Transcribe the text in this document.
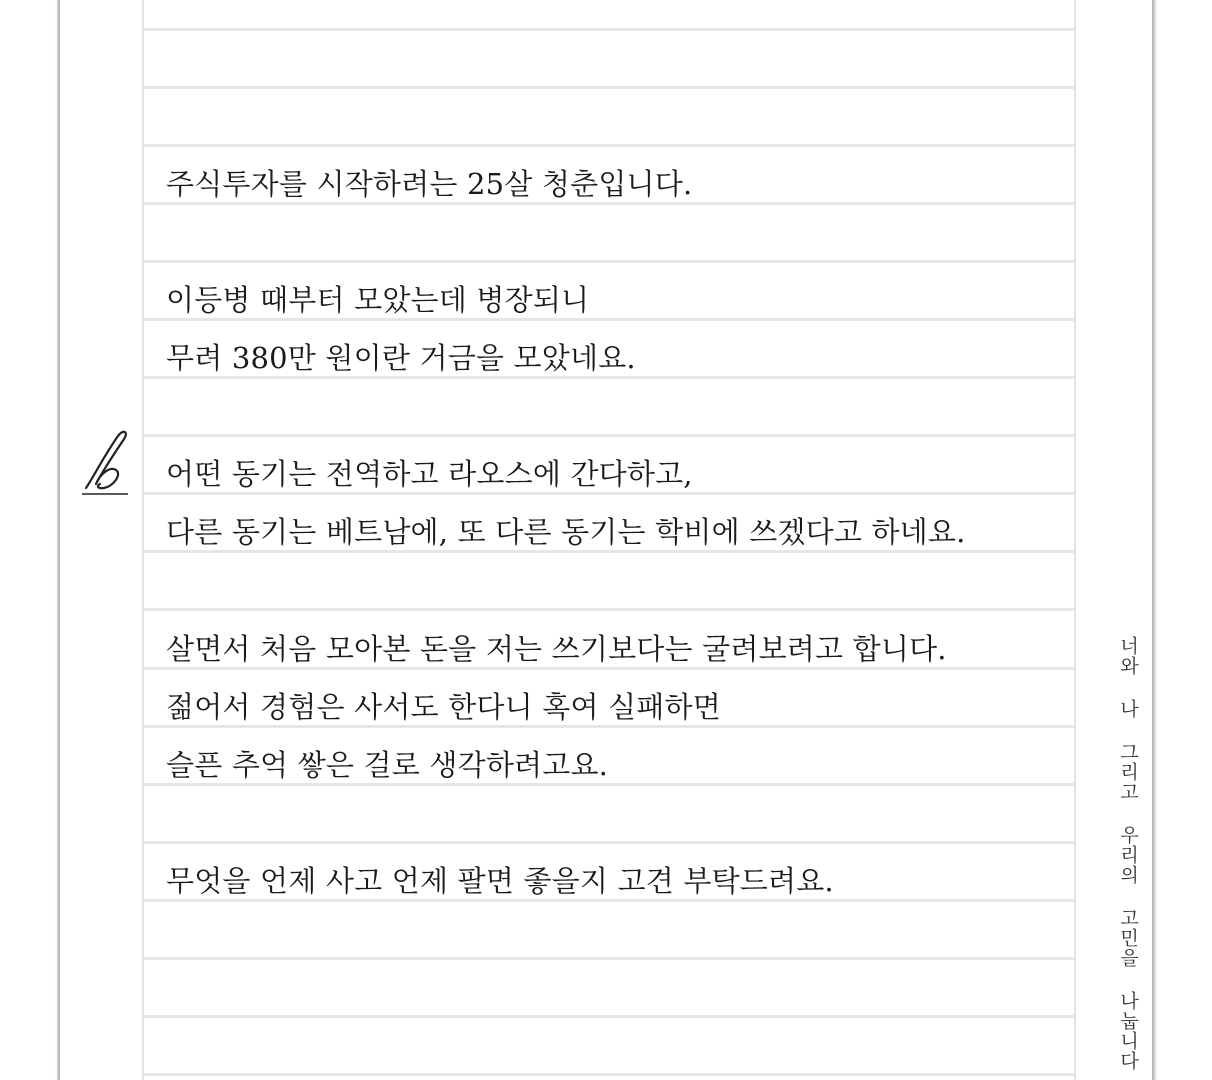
주식투자를 시작하려는 25살 청춘입니다.
이등병 때부터 모았는데 병장되니
무려 380만 원이란 거금을 모았네요.
어떤 동기는 전역하고 라오스에 간다하고,
다른 동기는 베트남에, 또 다른 동기는 학비에 쓰겠다고 하네요.
살면서 처음 모아본 돈을 저는 쓰기보다는 굴려보려고 합니다.
젊어서 경험은 사서도 한다니 혹여 실패하면
슬픈 추억 쌓은 걸로 생각하려고요.
무엇을 언제 사고 언제 팔면 좋을지 고견 부탁드려요.	너와 나 그리고 우리의 고민을 나눕니다
